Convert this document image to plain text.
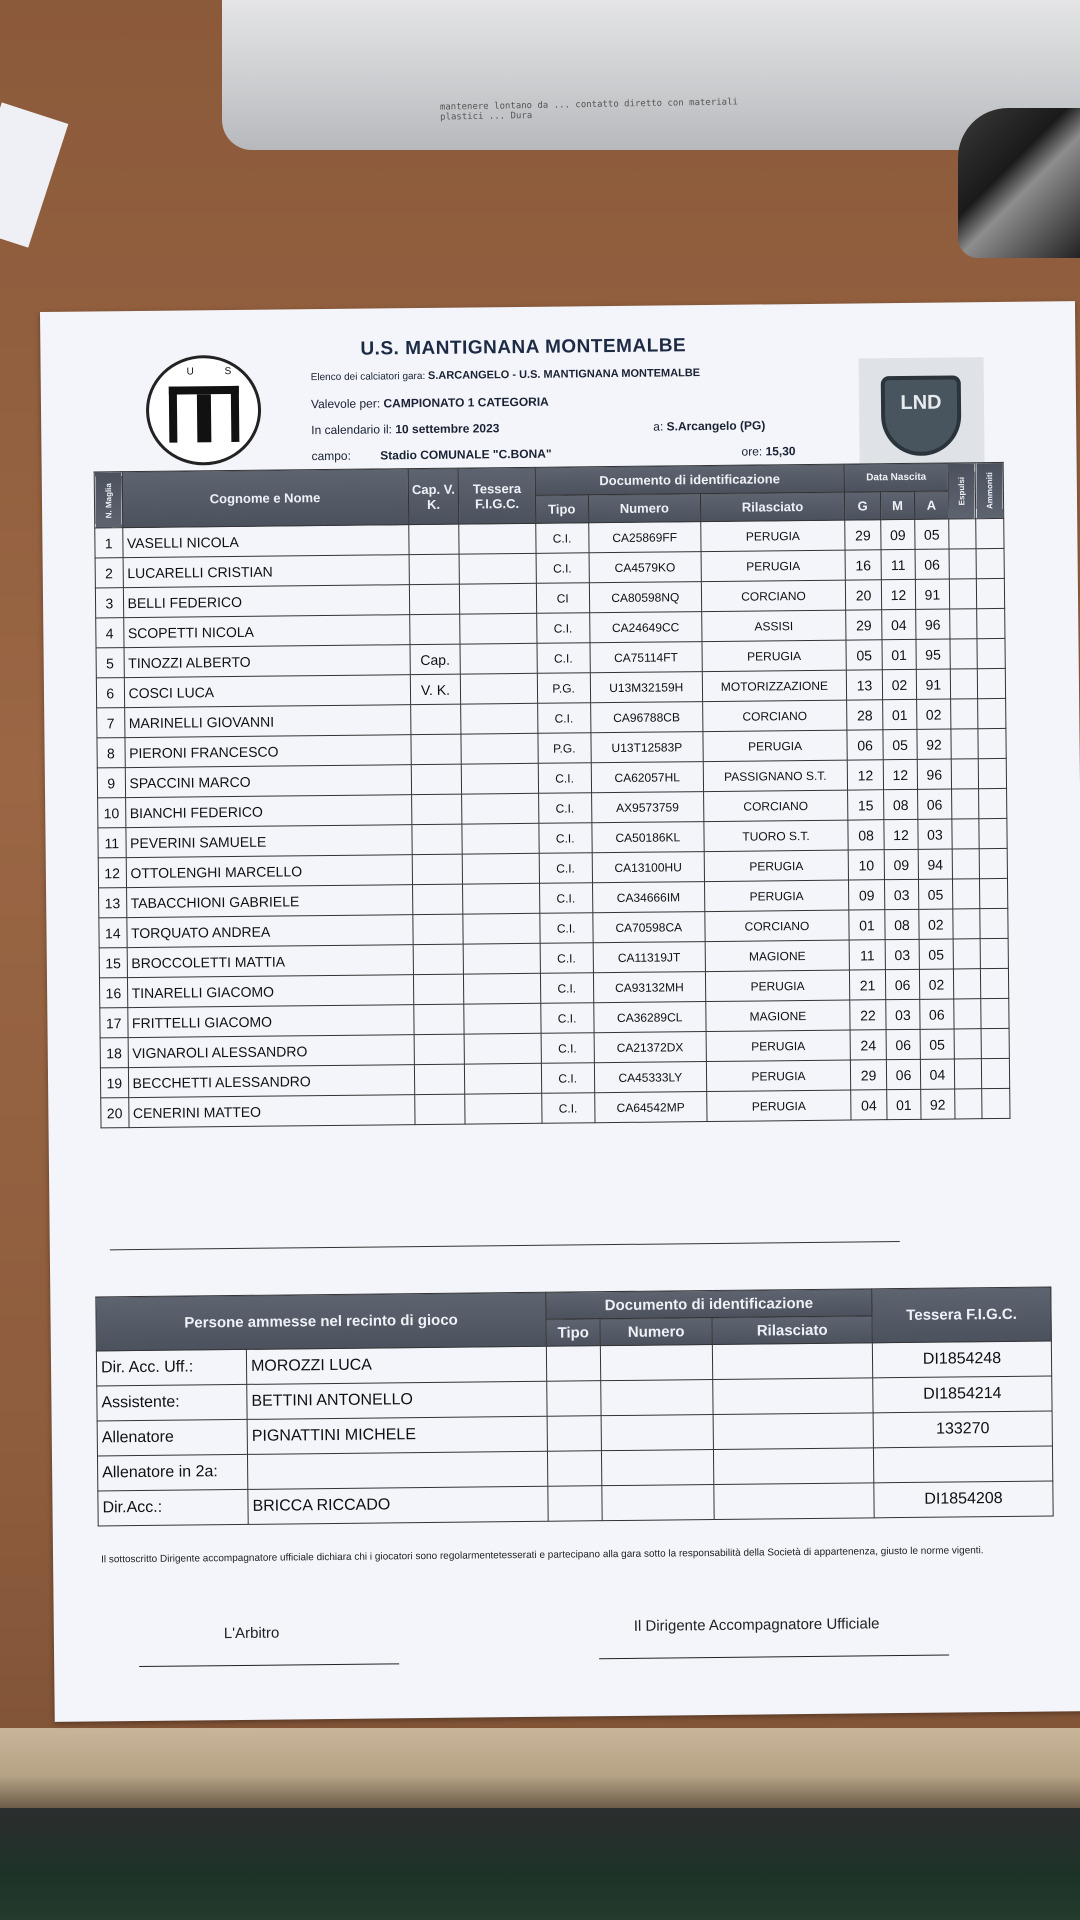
mantenere lontano da ... contatto diretto con materiali plastici ... Dura
U S
LND
U.S. MANTIGNANA MONTEMALBE
Elenco dei calciatori gara: S.ARCANGELO - U.S. MANTIGNANA MONTEMALBE
Valevole per: CAMPIONATO 1 CATEGORIA
In calendario il: 10 settembre 2023	a: S.Arcangelo (PG)
campo: Stadio COMUNALE "C.BONA"	ore: 15,30
N. Maglia	Cognome e Nome	Cap. V. K.	Tessera F.I.G.C.	Documento di identificazione			Data Nascita			Espulsi	Ammoniti
				Tipo	Numero	Rilasciato	G	M	A		
1	VASELLI NICOLA			C.I.	CA25869FF	PERUGIA	29	09	05		
2	LUCARELLI CRISTIAN			C.I.	CA4579KO	PERUGIA	16	11	06		
3	BELLI FEDERICO			CI	CA80598NQ	CORCIANO	20	12	91		
4	SCOPETTI NICOLA			C.I.	CA24649CC	ASSISI	29	04	96		
5	TINOZZI ALBERTO	Cap.		C.I.	CA75114FT	PERUGIA	05	01	95		
6	COSCI LUCA	V. K.		P.G.	U13M32159H	MOTORIZZAZIONE	13	02	91		
7	MARINELLI GIOVANNI			C.I.	CA96788CB	CORCIANO	28	01	02		
8	PIERONI FRANCESCO			P.G.	U13T12583P	PERUGIA	06	05	92		
9	SPACCINI MARCO			C.I.	CA62057HL	PASSIGNANO S.T.	12	12	96		
10	BIANCHI FEDERICO			C.I.	AX9573759	CORCIANO	15	08	06		
11	PEVERINI SAMUELE			C.I.	CA50186KL	TUORO S.T.	08	12	03		
12	OTTOLENGHI MARCELLO			C.I.	CA13100HU	PERUGIA	10	09	94		
13	TABACCHIONI GABRIELE			C.I.	CA34666IM	PERUGIA	09	03	05		
14	TORQUATO ANDREA			C.I.	CA70598CA	CORCIANO	01	08	02		
15	BROCCOLETTI MATTIA			C.I.	CA11319JT	MAGIONE	11	03	05		
16	TINARELLI GIACOMO			C.I.	CA93132MH	PERUGIA	21	06	02		
17	FRITTELLI GIACOMO			C.I.	CA36289CL	MAGIONE	22	03	06		
18	VIGNAROLI ALESSANDRO			C.I.	CA21372DX	PERUGIA	24	06	05		
19	BECCHETTI ALESSANDRO			C.I.	CA45333LY	PERUGIA	29	06	04		
20	CENERINI MATTEO			C.I.	CA64542MP	PERUGIA	04	01	92		
Persone ammesse nel recinto di gioco		Documento di identificazione			Tessera F.I.G.C.
		Tipo	Numero	Rilasciato	
Dir. Acc. Uff.:	MOROZZI LUCA				DI1854248
Assistente:	BETTINI ANTONELLO				DI1854214
Allenatore	PIGNATTINI MICHELE				133270
Allenatore in 2a:					
Dir.Acc.:	BRICCA RICCADO				DI1854208
Il sottoscritto Dirigente accompagnatore ufficiale dichiara chi i giocatori sono regolarmentetesserati e partecipano alla gara sotto la responsabilità della Società di appartenenza, giusto le norme vigenti.
L'Arbitro	Il Dirigente Accompagnatore Ufficiale
